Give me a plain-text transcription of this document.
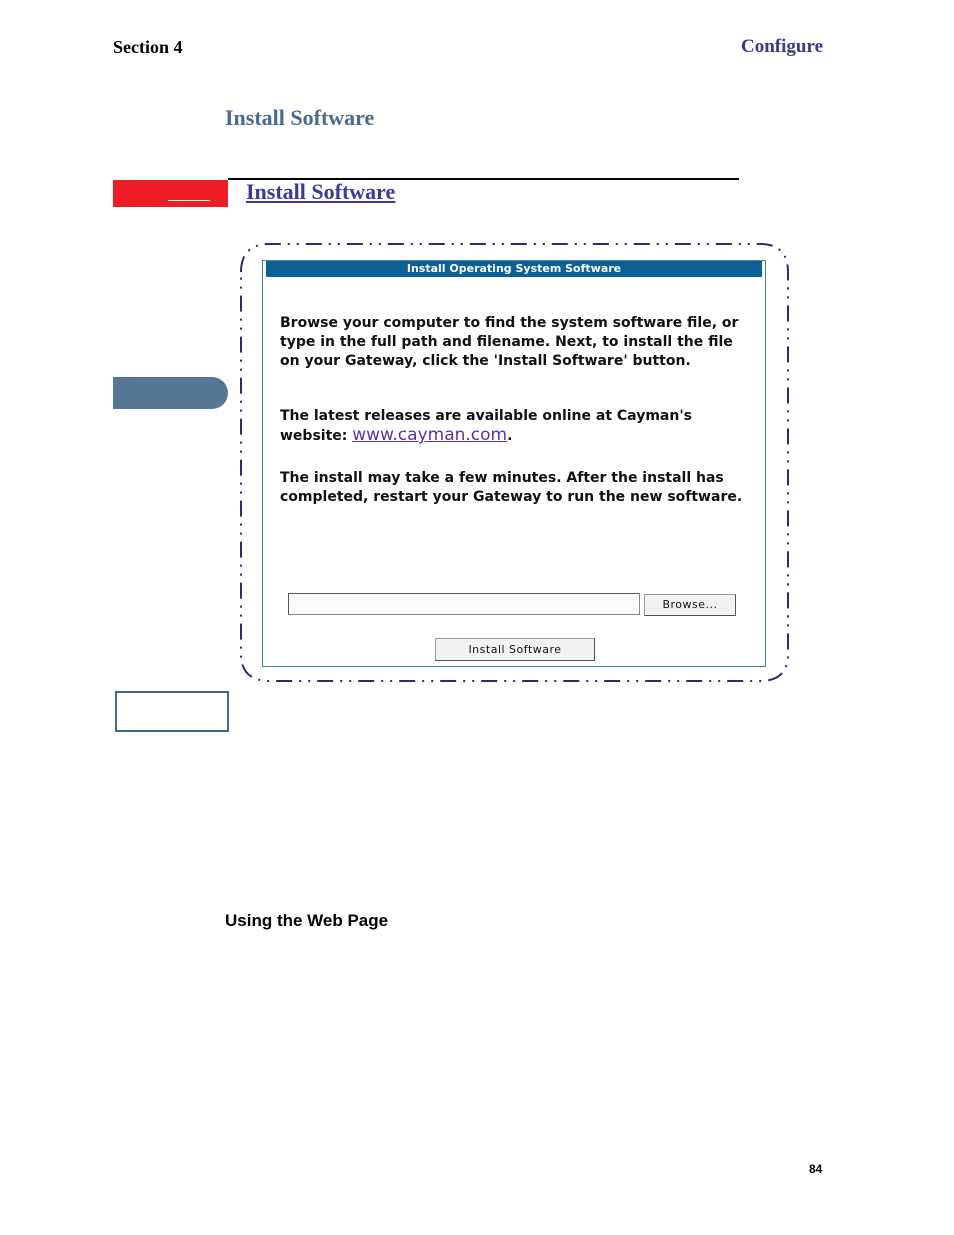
Section 4	Configure
Install Software
Install Software
Install Operating System Software

Browse your computer to find the system software file, or type in the full path and filename. Next, to install the file on your Gateway, click the 'Install Software' button.

The latest releases are available online at Cayman's website: www.cayman.com.

The install may take a few minutes. After the install has completed, restart your Gateway to run the new software.

Browse...
Install Software
Using the Web Page
84
